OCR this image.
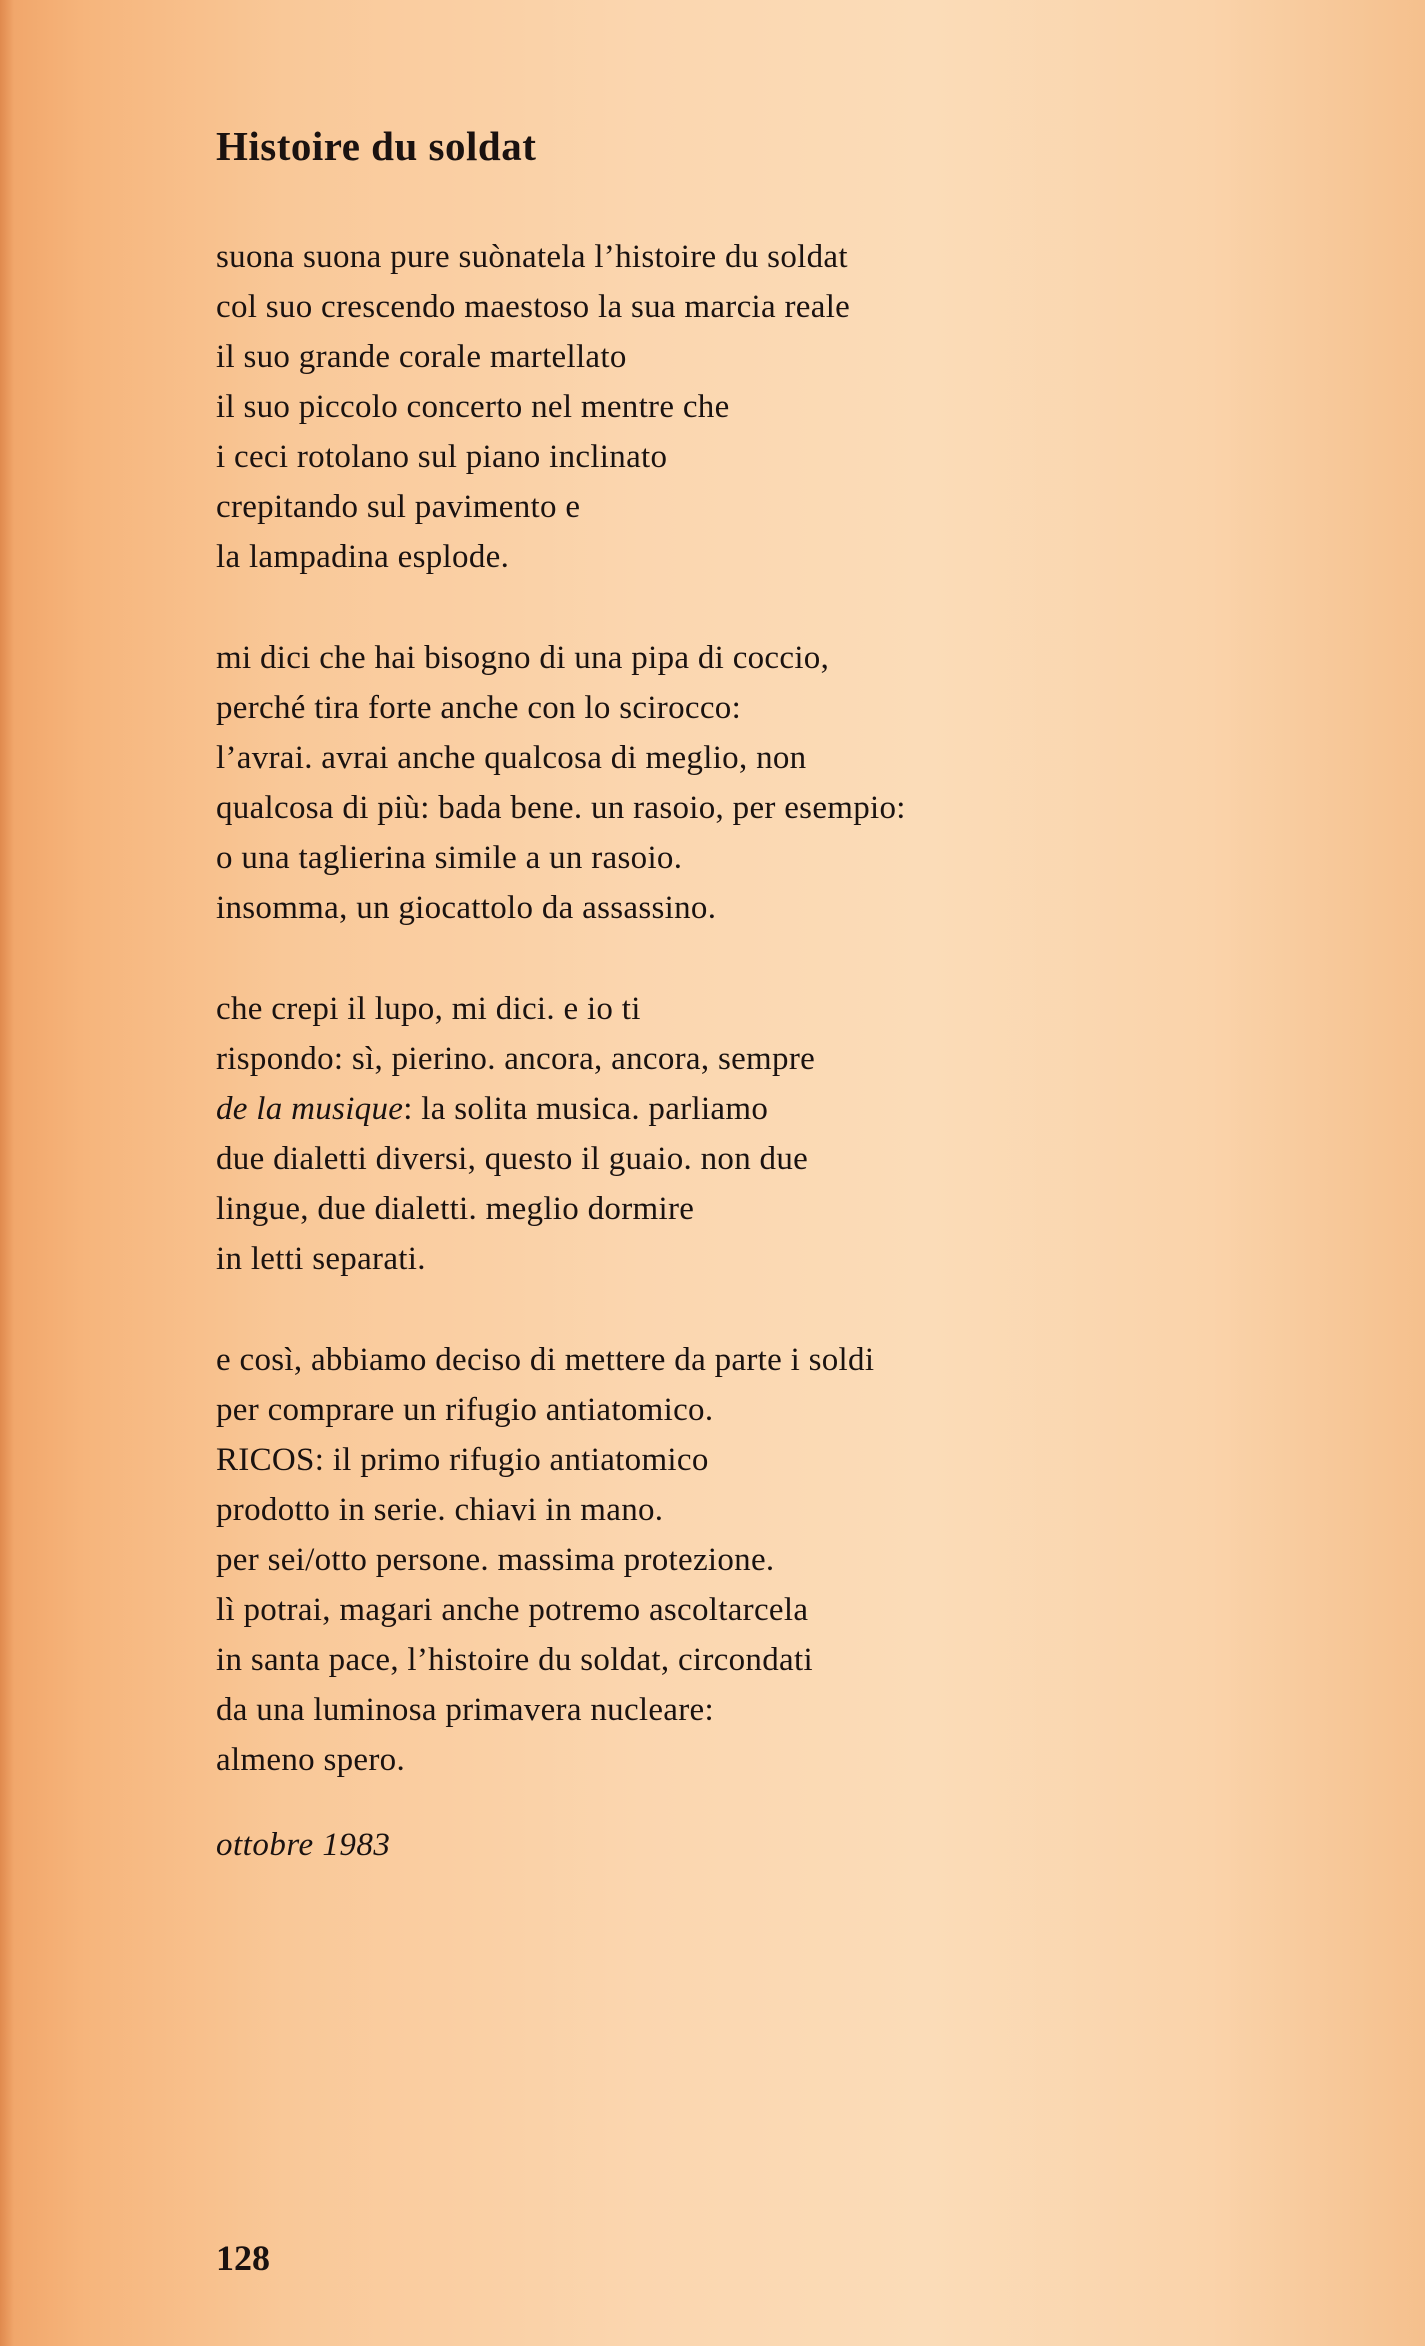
Histoire du soldat
suona suona pure suònatela l’histoire du soldat
col suo crescendo maestoso la sua marcia reale
il suo grande corale martellato
il suo piccolo concerto nel mentre che
i ceci rotolano sul piano inclinato
crepitando sul pavimento e
la lampadina esplode.
mi dici che hai bisogno di una pipa di coccio,
perché tira forte anche con lo scirocco:
l’avrai. avrai anche qualcosa di meglio, non
qualcosa di più: bada bene. un rasoio, per esempio:
o una taglierina simile a un rasoio.
insomma, un giocattolo da assassino.
che crepi il lupo, mi dici. e io ti
rispondo: sì, pierino. ancora, ancora, sempre
de la musique: la solita musica. parliamo
due dialetti diversi, questo il guaio. non due
lingue, due dialetti. meglio dormire
in letti separati.
e così, abbiamo deciso di mettere da parte i soldi
per comprare un rifugio antiatomico.
RICOS: il primo rifugio antiatomico
prodotto in serie. chiavi in mano.
per sei/otto persone. massima protezione.
lì potrai, magari anche potremo ascoltarcela
in santa pace, l’histoire du soldat, circondati
da una luminosa primavera nucleare:
almeno spero.
ottobre 1983
128
